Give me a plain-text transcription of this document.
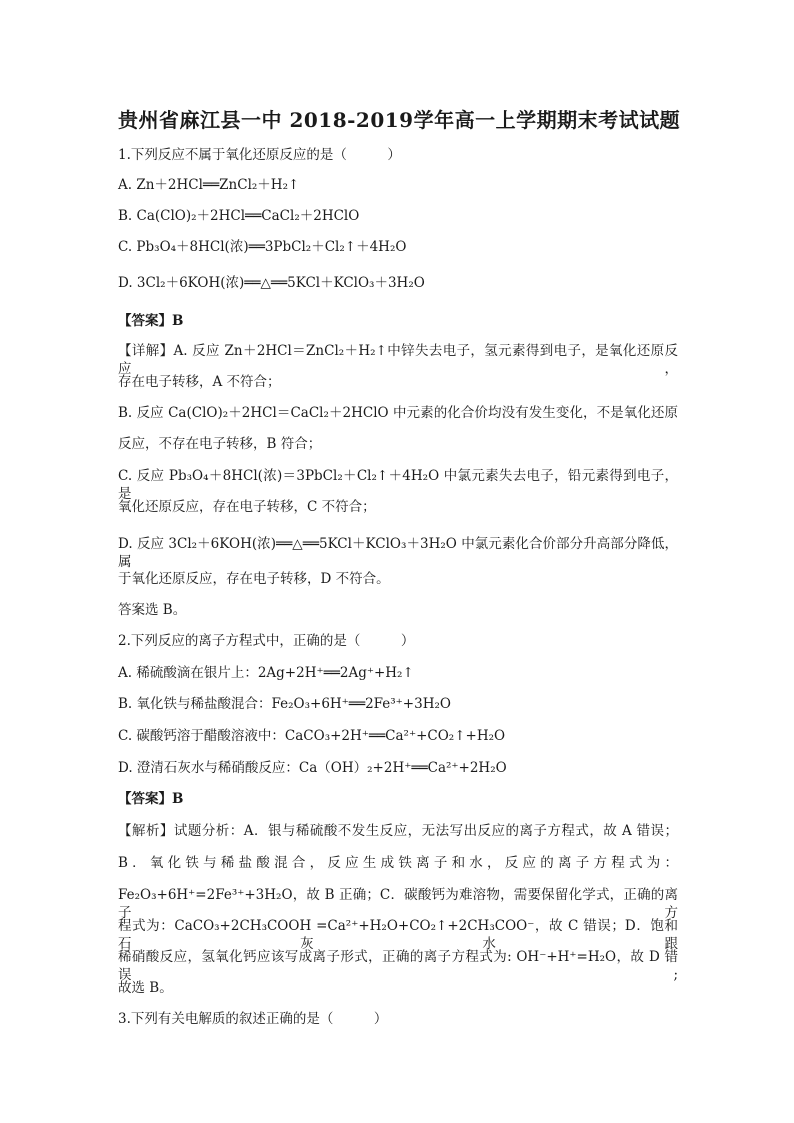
贵州省麻江县一中 2018-2019学年高一上学期期末考试试题
1.下列反应不属于氧化还原反应的是（　　　）
A. Zn＋2HCl══ZnCl₂＋H₂↑
B. Ca(ClO)₂＋2HCl══CaCl₂＋2HClO
C. Pb₃O₄＋8HCl(浓)══3PbCl₂＋Cl₂↑＋4H₂O
D. 3Cl₂＋6KOH(浓)══△══5KCl＋KClO₃＋3H₂O
【答案】B
【详解】A. 反应 Zn＋2HCl＝ZnCl₂＋H₂↑中锌失去电子，氢元素得到电子，是氧化还原反应，
存在电子转移，A 不符合；
B. 反应 Ca(ClO)₂＋2HCl＝CaCl₂＋2HClO 中元素的化合价均没有发生变化，不是氧化还原
反应，不存在电子转移，B 符合；
C. 反应 Pb₃O₄＋8HCl(浓)＝3PbCl₂＋Cl₂↑＋4H₂O 中氯元素失去电子，铅元素得到电子，是
氧化还原反应，存在电子转移，C 不符合；
D. 反应 3Cl₂＋6KOH(浓)══△══5KCl＋KClO₃＋3H₂O 中氯元素化合价部分升高部分降低，属
于氧化还原反应，存在电子转移，D 不符合。
答案选 B。
2.下列反应的离子方程式中，正确的是（　　　）
A. 稀硫酸滴在银片上：2Ag+2H⁺══2Ag⁺+H₂↑
B. 氧化铁与稀盐酸混合：Fe₂O₃+6H⁺══2Fe³⁺+3H₂O
C. 碳酸钙溶于醋酸溶液中：CaCO₃+2H⁺══Ca²⁺+CO₂↑+H₂O
D. 澄清石灰水与稀硝酸反应：Ca（OH）₂+2H⁺══Ca²⁺+2H₂O
【答案】B
【解析】试题分析：A．银与稀硫酸不发生反应，无法写出反应的离子方程式，故 A 错误；
B．氧化铁与稀盐酸混合，反应生成铁离子和水，反应的离子方程式为：
Fe₂O₃+6H⁺=2Fe³⁺+3H₂O，故 B 正确；C．碳酸钙为难溶物，需要保留化学式，正确的离子方
程式为：CaCO₃+2CH₃COOH =Ca²⁺+H₂O+CO₂↑+2CH₃COO⁻，故 C 错误；D．饱和石灰水跟
稀硝酸反应，氢氧化钙应该写成离子形式，正确的离子方程式为: OH⁻+H⁺=H₂O，故 D 错误;
故选 B。
3.下列有关电解质的叙述正确的是（　　　）
